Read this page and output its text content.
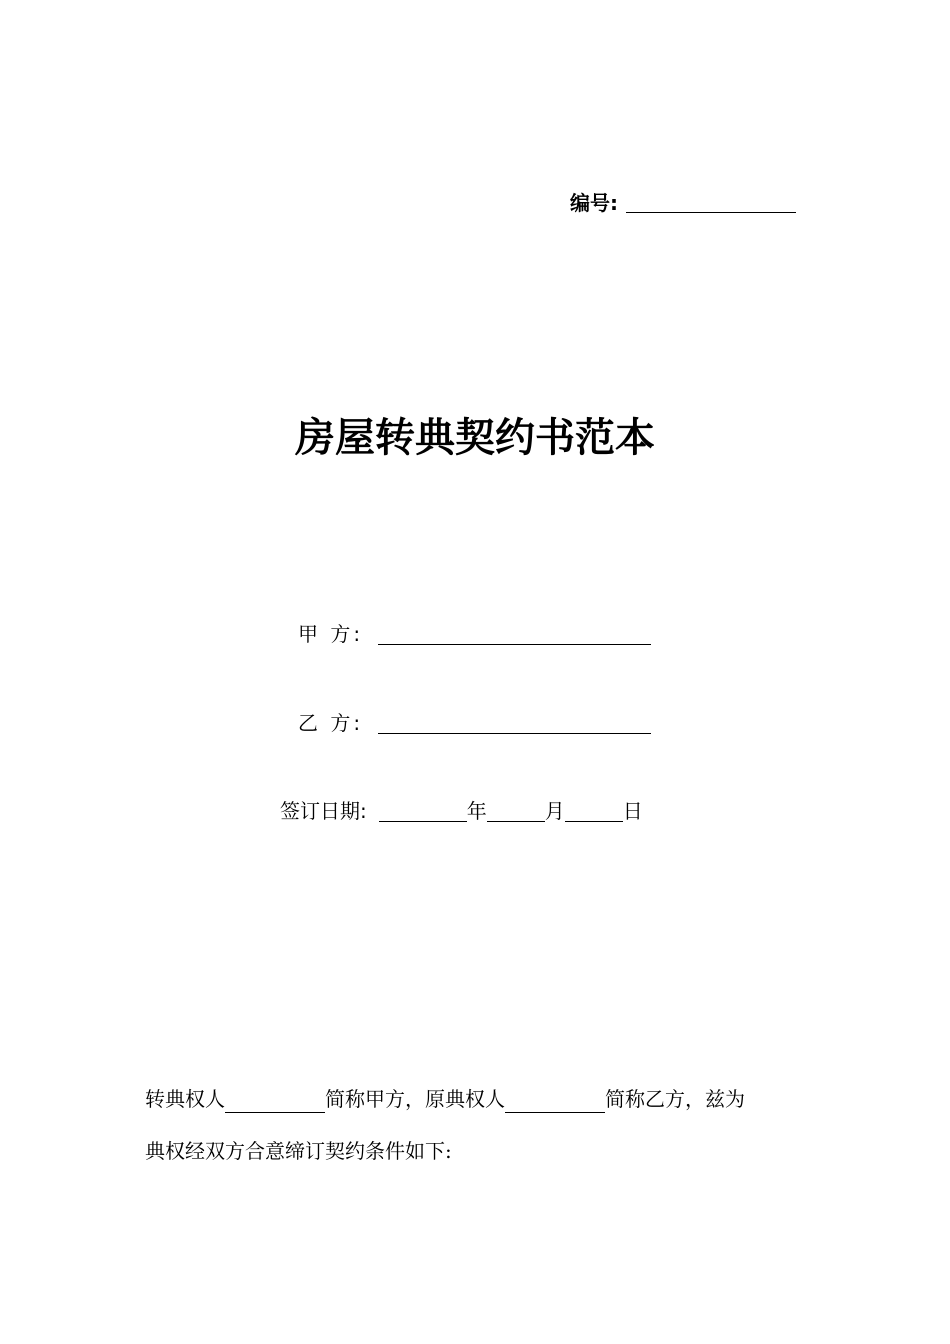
编号:
房屋转典契约书范本
甲 方:
乙 方:
签订日期:	年	月	日
转典权人	简称甲方，原典权人	简称乙方，兹为
典权经双方合意缔订契约条件如下:
